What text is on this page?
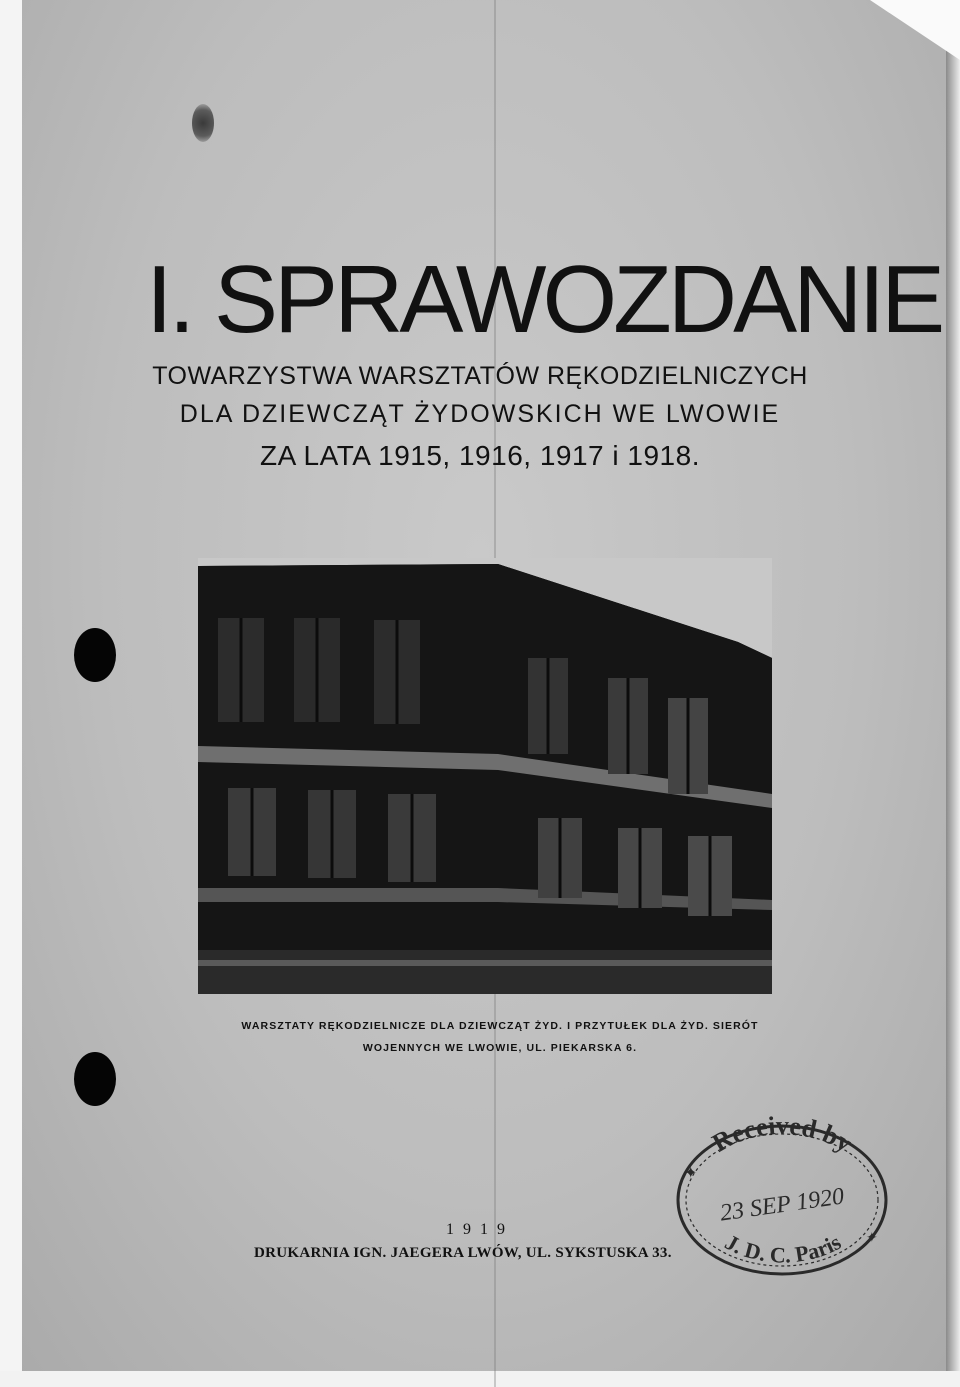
I. SPRAWOZDANIE
TOWARZYSTWA WARSZTATÓW RĘKODZIELNICZYCH
DLA DZIEWCZĄT ŻYDOWSKICH WE LWOWIE
ZA LATA 1915, 1916, 1917 i 1918.
WARSZTATY RĘKODZIELNICZE DLA DZIEWCZĄT ŻYD. I PRZYTUŁEK DLA ŻYD. SIERÓT
WOJENNYCH WE LWOWIE, UL. PIEKARSKA 6.
1919
DRUKARNIA IGN. JAEGERA LWÓW, UL. SYKSTUSKA 33.
Received by
23 SEP 1920
J. D. C. Paris
✦
✦
